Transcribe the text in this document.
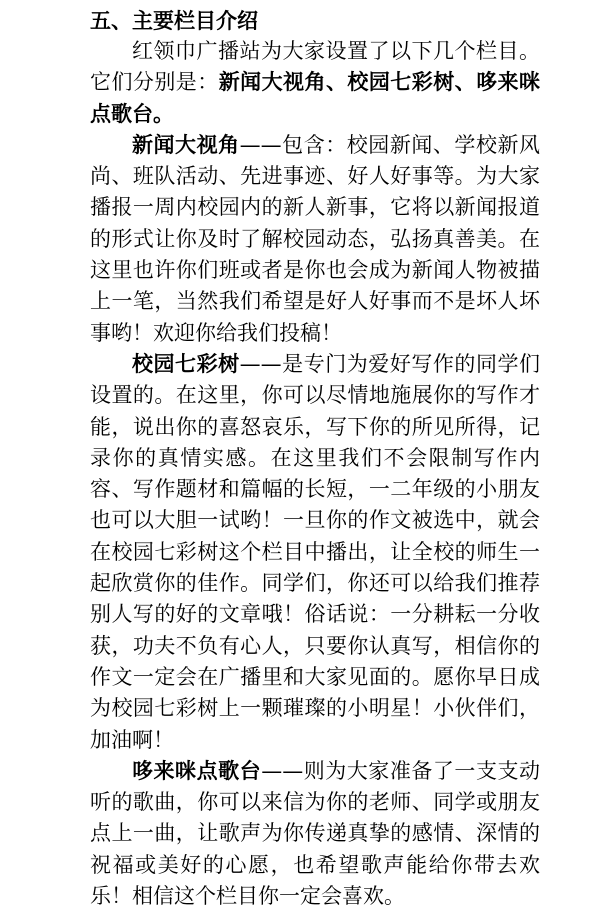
五、主要栏目介绍

红领巾广播站为大家设置了以下几个栏目。它们分别是：新闻大视角、校园七彩树、哆来咪点歌台。

新闻大视角——包含：校园新闻、学校新风尚、班队活动、先进事迹、好人好事等。为大家播报一周内校园内的新人新事，它将以新闻报道的形式让你及时了解校园动态，弘扬真善美。在这里也许你们班或者是你也会成为新闻人物被描上一笔，当然我们希望是好人好事而不是坏人坏事哟！欢迎你给我们投稿！

校园七彩树——是专门为爱好写作的同学们设置的。在这里，你可以尽情地施展你的写作才能，说出你的喜怒哀乐，写下你的所见所得，记录你的真情实感。在这里我们不会限制写作内容、写作题材和篇幅的长短，一二年级的小朋友也可以大胆一试哟！一旦你的作文被选中，就会在校园七彩树这个栏目中播出，让全校的师生一起欣赏你的佳作。同学们，你还可以给我们推荐别人写的好的文章哦！俗话说：一分耕耘一分收获，功夫不负有心人，只要你认真写，相信你的作文一定会在广播里和大家见面的。愿你早日成为校园七彩树上一颗璀璨的小明星！小伙伴们，加油啊！

哆来咪点歌台——则为大家准备了一支支动听的歌曲，你可以来信为你的老师、同学或朋友点上一曲，让歌声为你传递真挚的感情、深情的祝福或美好的心愿，也希望歌声能给你带去欢乐！相信这个栏目你一定会喜欢。
